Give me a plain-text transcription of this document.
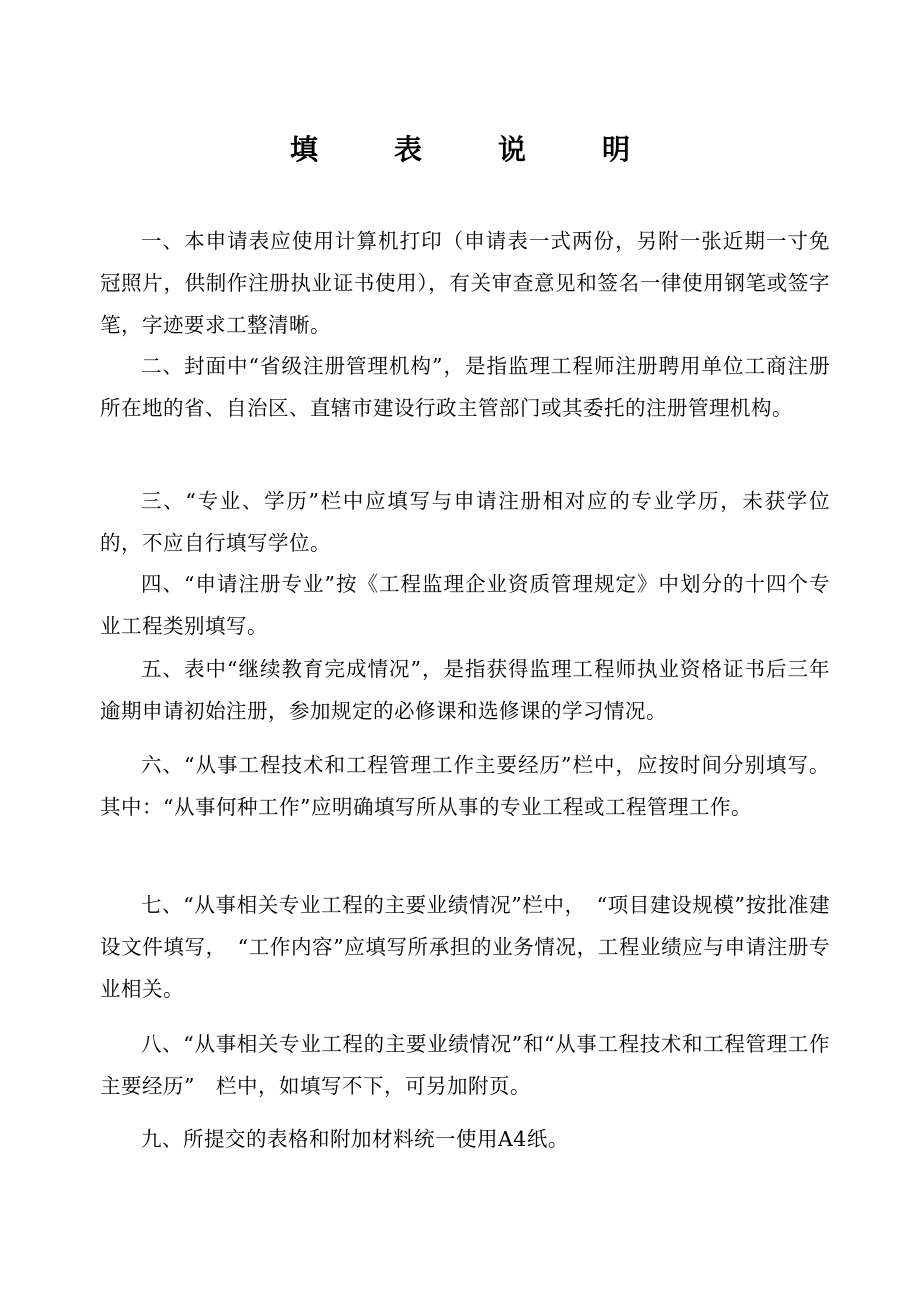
填　表　说　明

一、本申请表应使用计算机打印（申请表一式两份，另附一张近期一寸免冠照片，供制作注册执业证书使用），有关审查意见和签名一律使用钢笔或签字笔，字迹要求工整清晰。

二、封面中“省级注册管理机构”，是指监理工程师注册聘用单位工商注册所在地的省、自治区、直辖市建设行政主管部门或其委托的注册管理机构。

三、“专业、学历”栏中应填写与申请注册相对应的专业学历，未获学位的，不应自行填写学位。

四、“申请注册专业”按《工程监理企业资质管理规定》中划分的十四个专业工程类别填写。

五、表中“继续教育完成情况”，是指获得监理工程师执业资格证书后三年逾期申请初始注册，参加规定的必修课和选修课的学习情况。

六、“从事工程技术和工程管理工作主要经历”栏中，应按时间分别填写。其中：“从事何种工作”应明确填写所从事的专业工程或工程管理工作。

七、“从事相关专业工程的主要业绩情况”栏中，　“项目建设规模”按批准建设文件填写，　“工作内容”应填写所承担的业务情况，工程业绩应与申请注册专业相关。

八、“从事相关专业工程的主要业绩情况”和“从事工程技术和工程管理工作主要经历”　栏中，如填写不下，可另加附页。

九、所提交的表格和附加材料统一使用A4纸。
